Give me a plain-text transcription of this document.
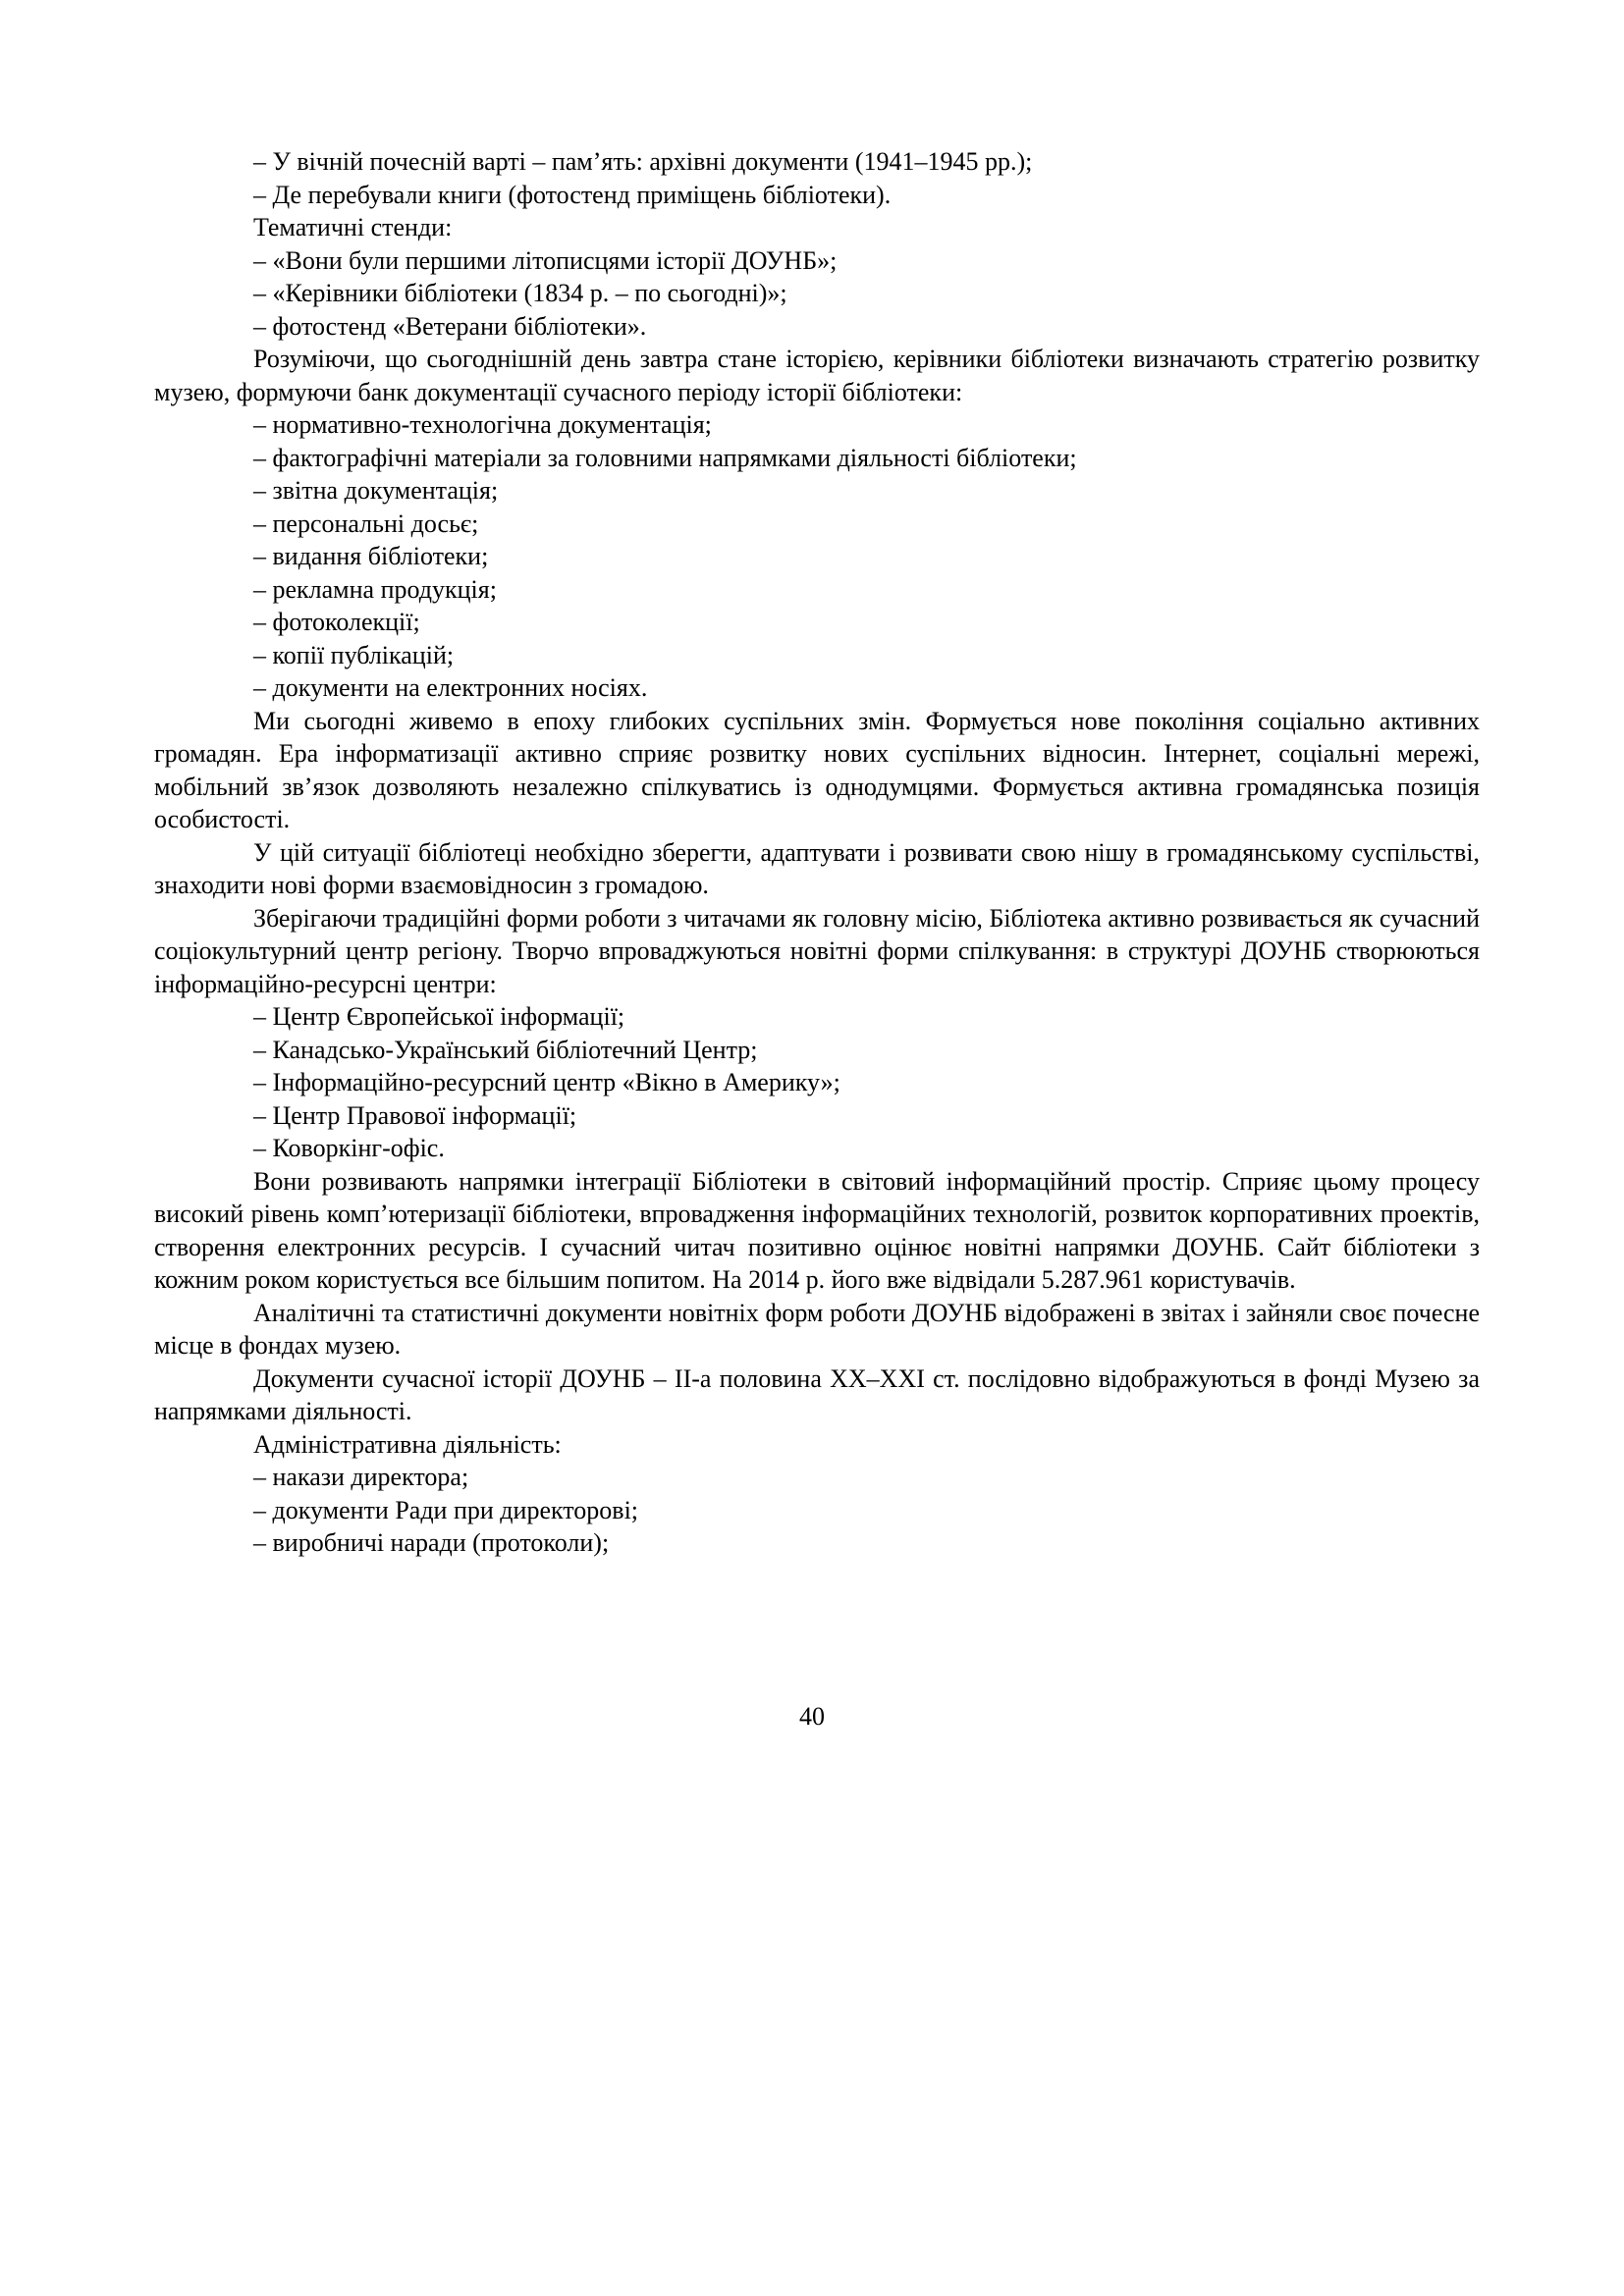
– У вічній почесній варті – пам’ять: архівні документи (1941–1945 рр.);

– Де перебували книги (фотостенд приміщень бібліотеки).

Тематичні стенди:

– «Вони були першими літописцями історії ДОУНБ»;

– «Керівники бібліотеки (1834 р. – по сьогодні)»;

– фотостенд «Ветерани бібліотеки».

Розуміючи, що сьогоднішній день завтра стане історією, керівники бібліотеки визначають стратегію розвитку музею, формуючи банк документації сучасного періоду історії бібліотеки:

– нормативно-технологічна документація;

– фактографічні матеріали за головними напрямками діяльності бібліотеки;

– звітна документація;

– персональні досьє;

– видання бібліотеки;

– рекламна продукція;

– фотоколекції;

– копії публікацій;

– документи на електронних носіях.

Ми сьогодні живемо в епоху глибоких суспільних змін. Формується нове покоління соціально активних громадян. Ера інформатизації активно сприяє розвитку нових суспільних відносин. Інтернет, соціальні мережі, мобільний зв’язок дозволяють незалежно спілкуватись із однодумцями. Формується активна громадянська позиція особистості.

У цій ситуації бібліотеці необхідно зберегти, адаптувати і розвивати свою нішу в громадянському суспільстві, знаходити нові форми взаємовідносин з громадою.

Зберігаючи традиційні форми роботи з читачами як головну місію, Бібліотека активно розвивається як сучасний соціокультурний центр регіону. Творчо впроваджуються новітні форми спілкування: в структурі ДОУНБ створюються інформаційно-ресурсні центри:

– Центр Європейської інформації;

– Канадсько-Український бібліотечний Центр;

– Інформаційно-ресурсний центр «Вікно в Америку»;

– Центр Правової інформації;

– Коворкінг-офіс.

Вони розвивають напрямки інтеграції Бібліотеки в світовий інформаційний простір. Сприяє цьому процесу високий рівень комп’ютеризації бібліотеки, впровадження інформаційних технологій, розвиток корпоративних проектів, створення електронних ресурсів. І сучасний читач позитивно оцінює новітні напрямки ДОУНБ. Сайт бібліотеки з кожним роком користується все більшим попитом. На 2014 р. його вже відвідали 5.287.961 користувачів.

Аналітичні та статистичні документи новітніх форм роботи ДОУНБ відображені в звітах і зайняли своє почесне місце в фондах музею.

Документи сучасної історії ДОУНБ – ІІ-а половина ХХ–ХХІ ст. послідовно відображуються в фонді Музею за напрямками діяльності.

Адміністративна діяльність:

– накази директора;

– документи Ради при директорові;

– виробничі наради (протоколи);

40
